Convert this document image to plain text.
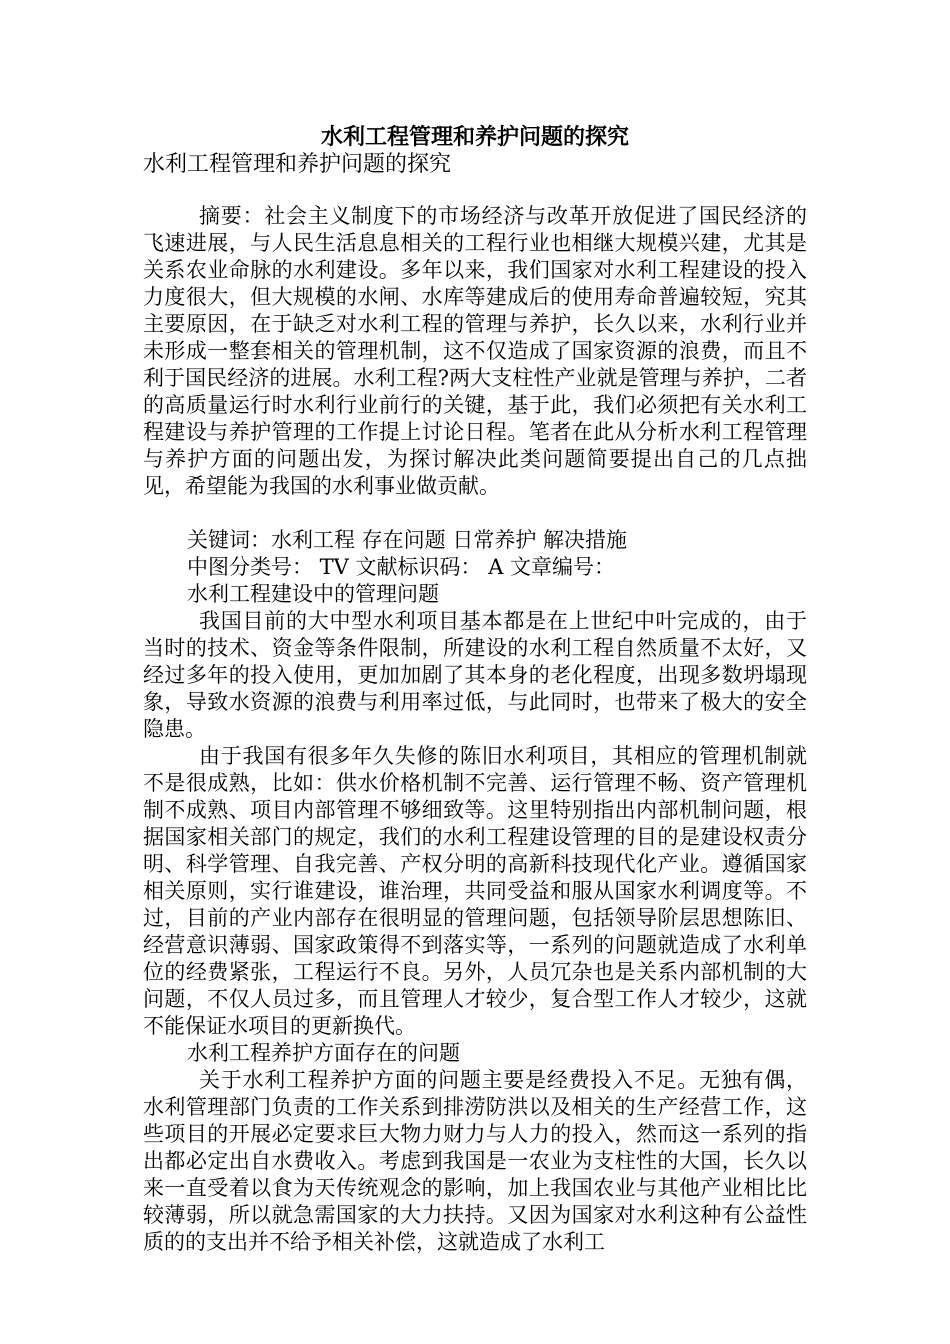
水利工程管理和养护问题的探究

水利工程管理和养护问题的探究

摘要：社会主义制度下的市场经济与改革开放促进了国民经济的飞速进展，与人民生活息息相关的工程行业也相继大规模兴建，尤其是关系农业命脉的水利建设。多年以来，我们国家对水利工程建设的投入力度很大，但大规模的水闸、水库等建成后的使用寿命普遍较短，究其主要原因，在于缺乏对水利工程的管理与养护，长久以来，水利行业并未形成一整套相关的管理机制，这不仅造成了国家资源的浪费，而且不利于国民经济的进展。水利工程?两大支柱性产业就是管理与养护，二者的高质量运行时水利行业前行的关键，基于此，我们必须把有关水利工程建设与养护管理的工作提上讨论日程。笔者在此从分析水利工程管理与养护方面的问题出发，为探讨解决此类问题简要提出自己的几点拙见，希望能为我国的水利事业做贡献。

关键词：水利工程 存在问题 日常养护 解决措施

中图分类号： TV 文献标识码： A 文章编号：

水利工程建设中的管理问题

我国目前的大中型水利项目基本都是在上世纪中叶完成的，由于当时的技术、资金等条件限制，所建设的水利工程自然质量不太好，又经过多年的投入使用，更加加剧了其本身的老化程度，出现多数坍塌现象，导致水资源的浪费与利用率过低，与此同时，也带来了极大的安全隐患。

由于我国有很多年久失修的陈旧水利项目，其相应的管理机制就不是很成熟，比如：供水价格机制不完善、运行管理不畅、资产管理机制不成熟、项目内部管理不够细致等。这里特别指出内部机制问题，根据国家相关部门的规定，我们的水利工程建设管理的目的是建设权责分明、科学管理、自我完善、产权分明的高新科技现代化产业。遵循国家相关原则，实行谁建设，谁治理，共同受益和服从国家水利调度等。不过，目前的产业内部存在很明显的管理问题，包括领导阶层思想陈旧、经营意识薄弱、国家政策得不到落实等，一系列的问题就造成了水利单位的经费紧张，工程运行不良。另外，人员冗杂也是关系内部机制的大问题，不仅人员过多，而且管理人才较少，复合型工作人才较少，这就不能保证水项目的更新换代。

水利工程养护方面存在的问题

关于水利工程养护方面的问题主要是经费投入不足。无独有偶，水利管理部门负责的工作关系到排涝防洪以及相关的生产经营工作，这些项目的开展必定要求巨大物力财力与人力的投入，然而这一系列的指出都必定出自水费收入。考虑到我国是一农业为支柱性的大国，长久以来一直受着以食为天传统观念的影响，加上我国农业与其他产业相比比较薄弱，所以就急需国家的大力扶持。又因为国家对水利这种有公益性质的的支出并不给予相关补偿，这就造成了水利工
